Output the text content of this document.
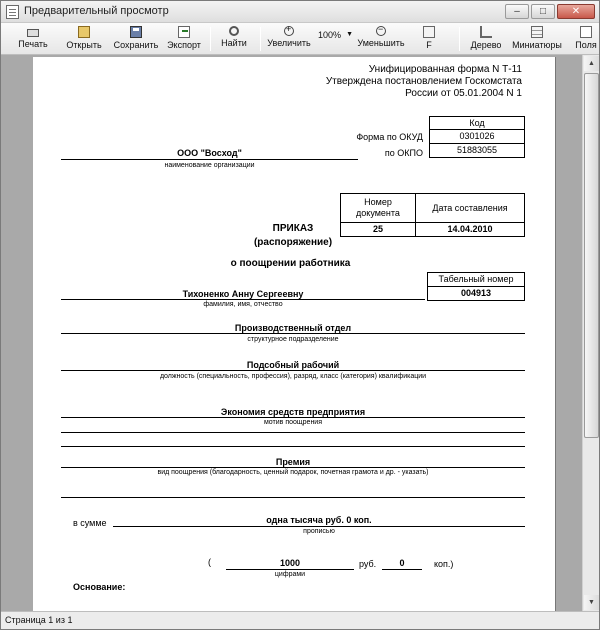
Предварительный просмотр	‒	□	✕
Печать	Открыть	Сохранить Экспорт	Найти
+	Увеличить
100% ▼
−
Уменьшить	F	Дерево	Миниатюры	Поля
Унифицированная форма N Т-11
Утверждена постановлением Госкомстата
России от 05.01.2004 N 1
Код
0301026
51883055
Форма по ОКУД
по ОКПО
ООО "Восход"
наименование организации
Номер документа	Дата составления
25	14.04.2010
ПРИКАЗ
(распоряжение)
о поощрении работника
Табельный номер
004913
Тихоненко Анну Сергеевну
фамилия, имя, отчество
Производственный отдел
структурное подразделение
Подсобный рабочий
должность (специальность, профессия), разряд, класс (категория) квалификации
Экономия средств предприятия
мотив поощрения
Премия
вид поощрения (благодарность, ценный подарок, почетная грамота и др. - указать)
в сумме	одна тысяча руб. 0 коп.
прописью
(	1000
цифрами
руб.	0	коп.)
Основание:
▲
▼
Страница 1 из 1
